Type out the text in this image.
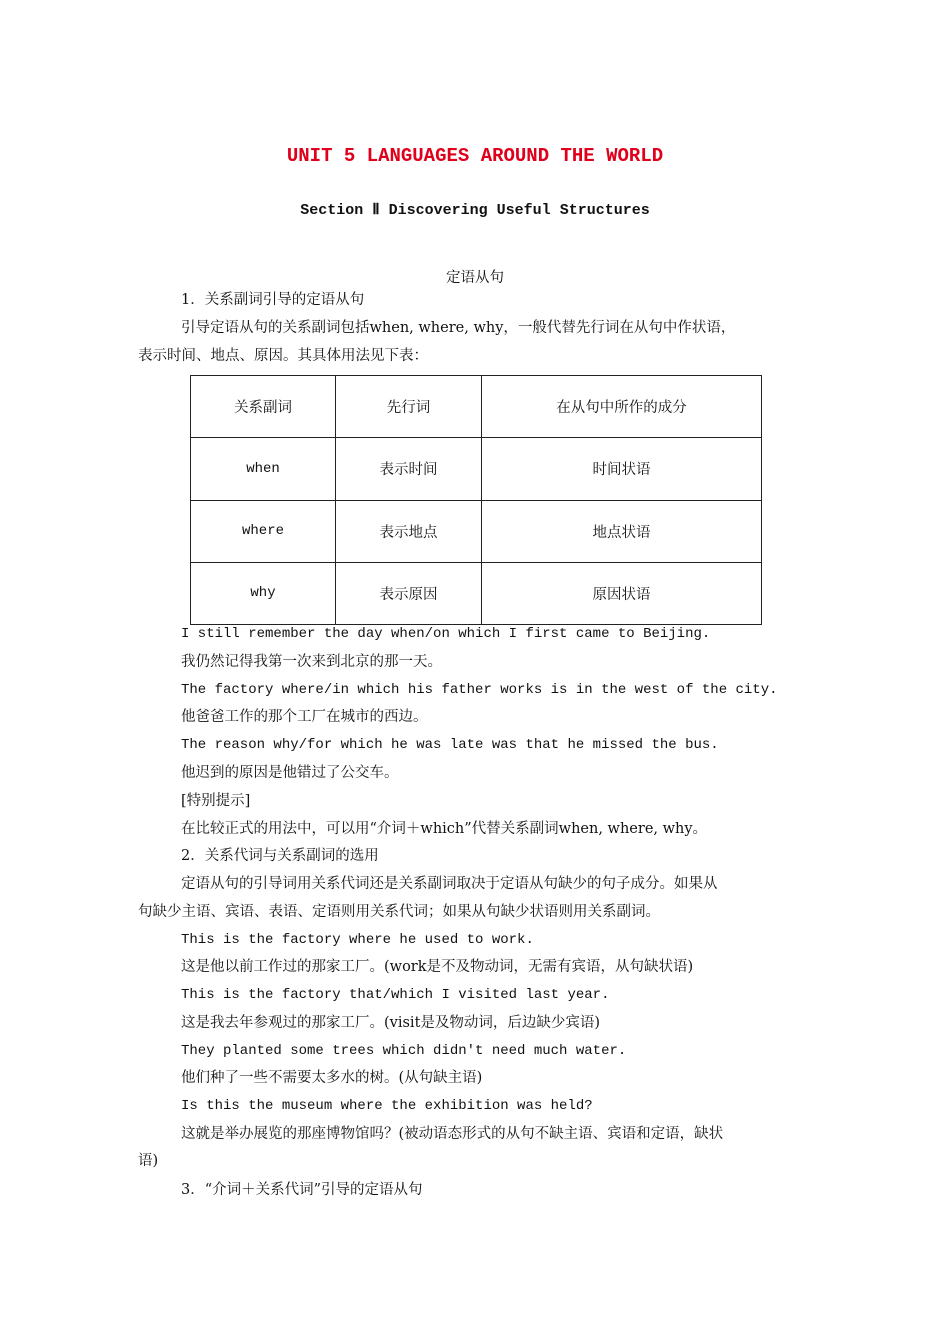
UNIT 5 LANGUAGES AROUND THE WORLD
Section Ⅱ Discovering Useful Structures
定语从句
1．关系副词引导的定语从句
引导定语从句的关系副词包括when, where, why，一般代替先行词在从句中作状语，
表示时间、地点、原因。其具体用法见下表：
关系副词	先行词	在从句中所作的成分
when	表示时间	时间状语
where	表示地点	地点状语
why	表示原因	原因状语
I still remember the day when/on which I first came to Beijing.
我仍然记得我第一次来到北京的那一天。
The factory where/in which his father works is in the west of the city.
他爸爸工作的那个工厂在城市的西边。
The reason why/for which he was late was that he missed the bus.
他迟到的原因是他错过了公交车。
[特别提示]
在比较正式的用法中，可以用“介词＋which”代替关系副词when, where, why。
2．关系代词与关系副词的选用
定语从句的引导词用关系代词还是关系副词取决于定语从句缺少的句子成分。如果从
句缺少主语、宾语、表语、定语则用关系代词；如果从句缺少状语则用关系副词。
This is the factory where he used to work.
这是他以前工作过的那家工厂。(work是不及物动词，无需有宾语，从句缺状语)
This is the factory that/which I visited last year.
这是我去年参观过的那家工厂。(visit是及物动词，后边缺少宾语)
They planted some trees which didn't need much water.
他们种了一些不需要太多水的树。(从句缺主语)
Is this the museum where the exhibition was held?
这就是举办展览的那座博物馆吗？(被动语态形式的从句不缺主语、宾语和定语，缺状
语)
3．“介词＋关系代词”引导的定语从句
